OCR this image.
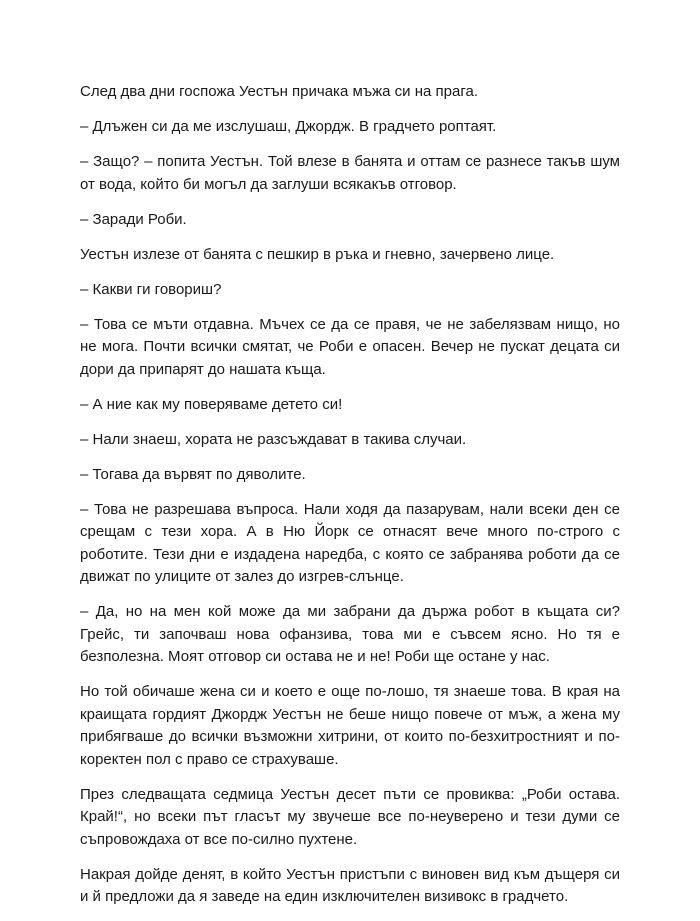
След два дни госпожа Уестън причака мъжа си на прага.

– Длъжен си да ме изслушаш, Джордж. В градчето роптаят.

– Защо? – попита Уестън. Той влезе в банята и оттам се разнесе такъв шум от вода, който би могъл да заглуши всякакъв отговор.

– Заради Роби.

Уестън излезе от банята с пешкир в ръка и гневно, зачервено лице.

– Какви ги говориш?

– Това се мъти отдавна. Мъчех се да се правя, че не забелязвам нищо, но не мога. Почти всички смятат, че Роби е опасен. Вечер не пускат децата си дори да припарят до нашата къща.

– А ние как му поверяваме детето си!

– Нали знаеш, хората не разсъждават в такива случаи.

– Тогава да вървят по дяволите.

– Това не разрешава въпроса. Нали ходя да пазарувам, нали всеки ден се срещам с тези хора. А в Ню Йорк се отнасят вече много по-строго с роботите. Тези дни е издадена наредба, с която се забранява роботи да се движат по улиците от залез до изгрев-слънце.

– Да, но на мен кой може да ми забрани да държа робот в къщата си? Грейс, ти започваш нова офанзива, това ми е съвсем ясно. Но тя е безполезна. Моят отговор си остава не и не! Роби ще остане у нас.

Но той обичаше жена си и което е още по-лошо, тя знаеше това. В края на краищата гордият Джордж Уестън не беше нищо повече от мъж, а жена му прибягваше до всички възможни хитрини, от които по-безхитростният и по-коректен пол с право се страхуваше.

През следващата седмица Уестън десет пъти се провиква: „Роби остава. Край!“, но всеки път гласът му звучеше все по-неуверено и тези думи се съпровождаха от все по-силно пухтене.

Накрая дойде денят, в който Уестън пристъпи с виновен вид към дъщеря си и й предложи да я заведе на един изключителен визивокс в градчето.
